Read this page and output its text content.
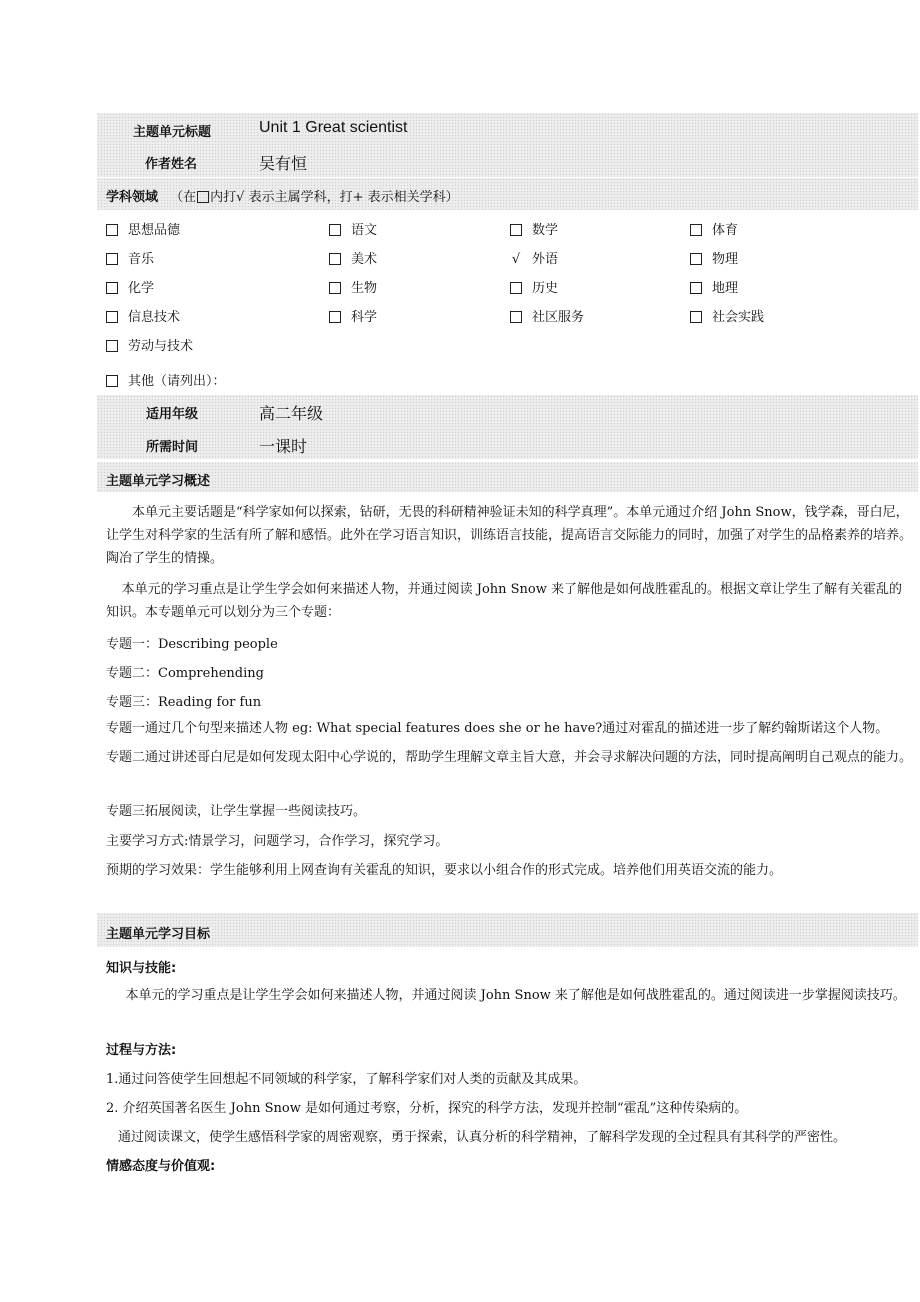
主题单元标题	Unit 1 Great scientist
作者姓名	吴有恒
学科领域 （在 内打√ 表示主属学科，打+ 表示相关学科）
思想品德	语文	数学	体育
音乐	美术	√ 外语	物理
化学	生物	历史	地理
信息技术	科学	社区服务	社会实践
劳动与技术
其他（请列出）：
适用年级	高二年级
所需时间	一课时
主题单元学习概述
本单元主要话题是“科学家如何以探索，钻研，无畏的科研精神验证未知的科学真理”。本单元通过介绍 John Snow，钱学森，哥白尼，让学生对科学家的生活有所了解和感悟。此外在学习语言知识，训练语言技能，提高语言交际能力的同时，加强了对学生的品格素养的培养。陶冶了学生的情操。
本单元的学习重点是让学生学会如何来描述人物，并通过阅读 John Snow 来了解他是如何战胜霍乱的。根据文章让学生了解有关霍乱的知识。本专题单元可以划分为三个专题：
专题一：Describing people
专题二：Comprehending
专题三：Reading for fun
专题一通过几个句型来描述人物 eg: What special features does she or he have?通过对霍乱的描述进一步了解约翰斯诺这个人物。
专题二通过讲述哥白尼是如何发现太阳中心学说的，帮助学生理解文章主旨大意，并会寻求解决问题的方法，同时提高阐明自己观点的能力。
专题三拓展阅读，让学生掌握一些阅读技巧。
主要学习方式:情景学习，问题学习，合作学习，探究学习。
预期的学习效果：学生能够利用上网查询有关霍乱的知识，要求以小组合作的形式完成。培养他们用英语交流的能力。
主题单元学习目标
知识与技能:
本单元的学习重点是让学生学会如何来描述人物，并通过阅读 John Snow 来了解他是如何战胜霍乱的。通过阅读进一步掌握阅读技巧。
过程与方法:
1.通过问答使学生回想起不同领域的科学家，了解科学家们对人类的贡献及其成果。
2. 介绍英国著名医生 John Snow 是如何通过考察，分析，探究的科学方法，发现并控制“霍乱”这种传染病的。
通过阅读课文，使学生感悟科学家的周密观察，勇于探索，认真分析的科学精神，了解科学发现的全过程具有其科学的严密性。
情感态度与价值观:
